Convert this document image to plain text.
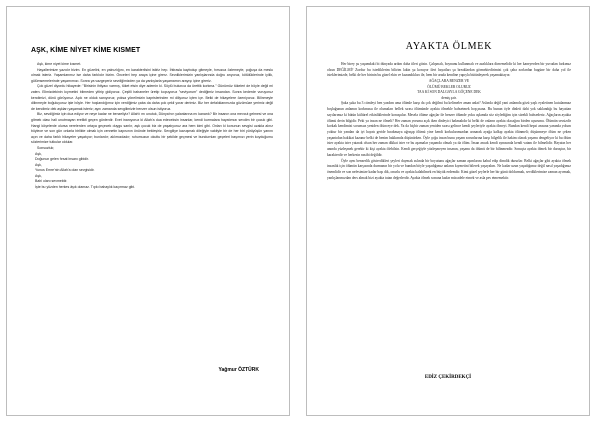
AŞK, KİME NİYET KİME KISMET

Aşk, kime niyet kime kısmet.

Hayallerimize yazıdır bizim. En güzelini, en yalnızlığını, en karakterlisini istiriz hep. İhtirasla kaybolup gitmeyle, hırsızca özlemeyle, çoğuşa da meslu olmak isteriz. Yaşamlarımız ise daha farklıdır bizim. Önceleri hep araya içine girerz. Sevdiklerimizin yanlışlarında doğru arıyoruz, kötülüklerinde iyilik, gülümsemelerinde yaşamımızı. Sonra ya vazgeçeriz sevdiğimizden ya da yanlışlarla yaşamamın arayışı içine gireriz.

Çok güzel diyordu hikayede: "Birisinin ihtiyacı varmış, tüket etsin diye ademin ki. Söylü bulunca da ürettik korkma." Günümüz tükeleri de böyle değil mi zaten. Elimizdekinin kıymetini bilmeden yitirip gidiyoruz. Çeşitli bahaneler üretip kopuyoruz "seviyorum" dediğimiz insandan. Sonra kederde vuruyoruz kendimizi, dünü görüyoruz. Açık ne olduk sanıyoruz; yoksa yönelimizin kaprislerinden mi diliyoruz içten içe. Belki de hikayelere özeniyoruz. Bilinmeyle dilinmeyle boğuluyoruz işte böyle. Her hoşlandığımız için verdiğimiz çaba da daha çok çekil yorar derimiz. Biz her defalıklarımızda gözümüze yerimiz değil de kendimiz dek aşkları yaşamak isteriz; aynı zamanda sevgilimizle benzer olsun istiyoruz.

Biz, sevdiğimiz için dua ediyor ve neye kadar ne benzeliyiz? Allah'ı mı unutuk, Dünya'nın yalanlarına mı kanarık? Bir insanın ona mevcut gelmesi ve ona gitmek olası hali unutmayan erelikti geçen günlerdir. Evet inanıyoruz ki Allah'a dua edeceksin insanlar, kendi kurmalara hayatımızı sevdim bir çocuk gibi. Hangi köşelerde olursa nerelerden ortaya geçecek duygu sarılır, aşk çocuk biz de yaşatıyoruz ara hem kimi gibi. Onları ki konunun sevgisi uzakla alırız böylece ve son gün onlarla birlikte olmak için cennetin kapısının önünde bekleşiriz. Sevgiliye kavuşmak dileğiyle vaktiyle bir de her biri yürüyüşün yanını açın ve daha farklı hikayeler yaşatıyor; bunlardır; aklımızdadır; ruhumuzun okuttu bir şekilde geçmesi ve bundurnları geçeleri başımızı yerin koyduğumu sözlerimize tutkular oldular.

Sonsuzluk;

Aşk,
Doğunun gelen fırsat insanı gibidir.
Aşk,
Yunus Emre'nin Allah'a olan sevgisidir.
Aşk,
Bahi olanı sevmektir.
İşte bu yüzden herkes âşık olamaz. Tıpkı bahaylık kaçırmaz gibi.
Yağmur ÖZTÜRK

AYAKTA ÖLMEK

Her birey şu yaşamdaki bi dünyada ardım daha iileri gitsin. Çalışmalı, boynunu kullanmalı ve azalıklara dirnemelidir ki her kaneyerden bir yuvadan farkımız olsun DEĞİLMİ? Zordur bu istediklerim bilirim lakin şu koruyor ileri hayatları şu breaklardan görmektedirimizi çok çaba zorlardan bugüne bir daha yol ile isteklerimizde, belki de her birinin bu güzel ekin ve kazandıkları ile, hem bir arada kendine yapıyla bütünleşerek yaşamaktayız:

AĞAÇLARA BENZER VE

ÖLÜMÜ BEKLER OLURUZ

TAA Kİ SON DALGAYLA GÖÇENE DEK

demiş şair.

Şuka şuka bu 3 cümleyi ben yazdım ama ölümle karşı da çok değilmi bu kelimeler aman anlat? Aslında değil yani anlamda gözü yaşlı eyaletinen kutulanmaz boşluğunun anlamın korkmasu ile olumaları bellek sırası ölümünde ayakta ölmekle bahsetmek hoşçasına. Bu bunun öyle dinleti dahi yok saklandığı bu hayattan sayılarımız ki bütün kültürel etkinliklerinde konuşulur. Mesela ölüme ağaçlar ile benzer ölümde yoku aşkımda söz söylediğim için sürekli bahsederiz. Ağaçların ayakta ölümü derin bilgidir. Peki ya insan ne ölmeli? Her zaman yoruma açık iken dinleyici bakmalıdır ki belki de onların ayakta olacağını birden uçurumu. Ölümün sessizdir korkak kendimizi sorunsuz yeniden ölünceye dek. Ya da hiçbir zaman yeniden sırası gelince kendi şeyleriyle ayakta ölmeyi. Bundan kendi hepsi anısına yanında yolum yoktur bir yandan da iyi hayatı geride bırakmaya uğraşıp ölümü yine kendi korkularımızdan arınarak ayağa kalkıp ayakta ölünmeli; düşünmeye ölüm ne çeken yaşantıdan hakikat kazanır belki de benim hakkımda düşünürken. Öyle çoğu insan bunu yaşam sorunlarına karşı bilgelik ile hakim olarak yaşamı dengeliyor ki bu ölüm ister ayakta ister yatarak olsun her zaman dikkat ister ve bu aşamalar yaşamda olmalı ya da ölüm. İnsan ancak kendi aynasında kendi vatanı ile bilmelidir. Hayatın her anında yüzleşmek gerekir ki kişi ayakta ölebilsin. Kendi gerçeğiyle yüzleşmeyen insanın, yaşamı da ölümü de bir bilinmezdir. Sonuçta ayakta ölmek bir duruştur, bir karakterdir ve herkesin nasibi değildir.

Öyle aynı benzerlik gösterdikleri şeyleri duymak aslında bir boyutunu ağaçlar zaman aşımlarını kabul edip dimdik dururlar. Belki ağaçlar gibi ayakta ölmek insanlık için ölümün karşısında durmanın bir yolu ve bundan böyle yaşadığımız anların kıymetini bilerek yaşayalım. Ne kadar uzun yaşadığımız değil nasıl yaşadığımız önemlidir ve son nefesimize kadar başı dik, onurlu ve ayakta kalabilmek en büyük erdemdir. Kimi güzel şeylerle her bir günü doldurmak, sevdiklerimize zaman ayırmak, yanlışlarımızdan ders almak bizi ayakta tutan değerlerdir. Ayakta ölmek sonuna kadar mücadele etmek ve asla pes etmemektir.

EDİZ ÇEKİRDEKÇİ
